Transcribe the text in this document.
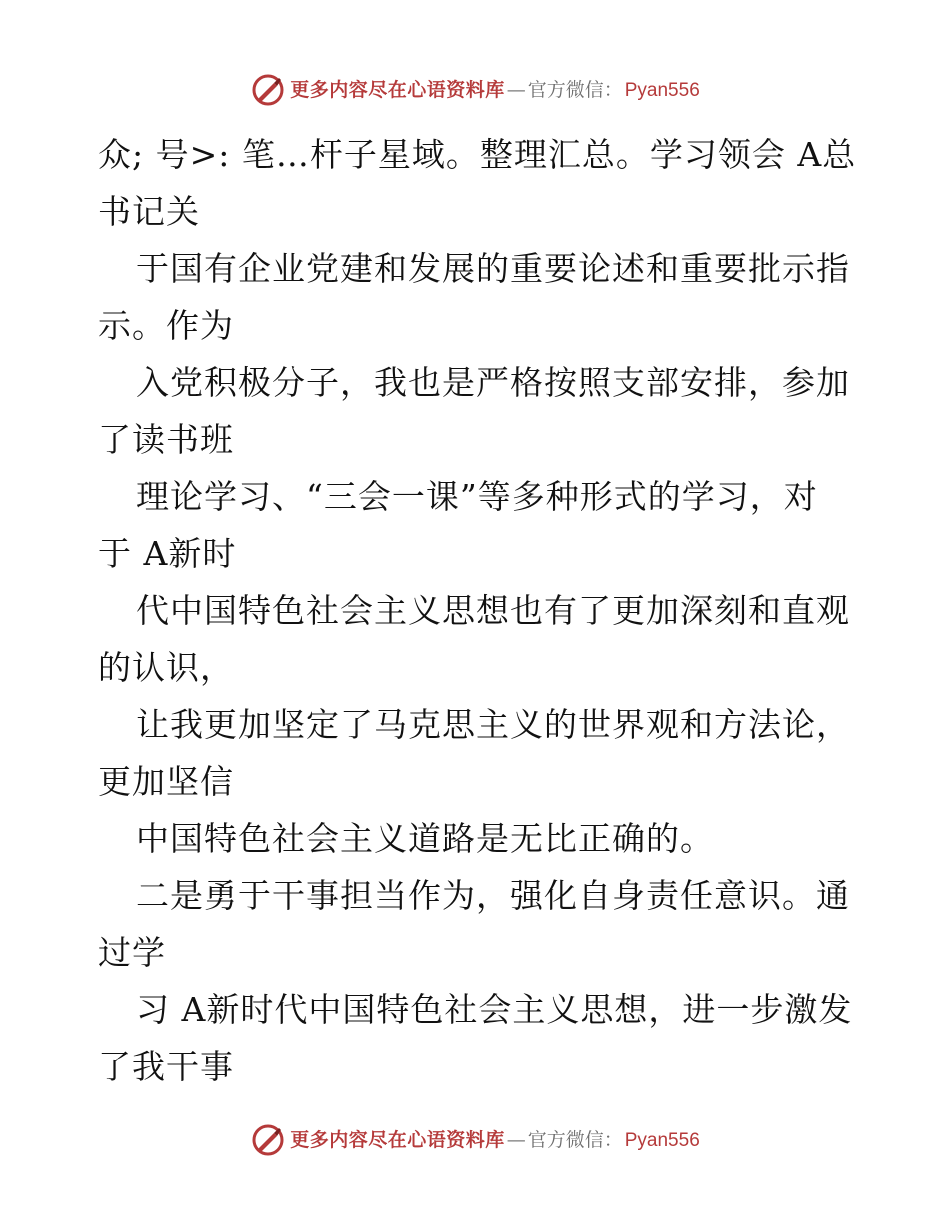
更多内容尽在心语资料库 — 官方微信： Pyan556
众; 号>: 笔…杆子星域。整理汇总。学习领会 A总
书记关
于国有企业党建和发展的重要论述和重要批示指
示。作为
入党积极分子，我也是严格按照支部安排，参加
了读书班
理论学习、“三会一课”等多种形式的学习，对
于 A新时
代中国特色社会主义思想也有了更加深刻和直观
的认识，
让我更加坚定了马克思主义的世界观和方法论，
更加坚信
中国特色社会主义道路是无比正确的。
二是勇于干事担当作为，强化自身责任意识。通
过学
习 A新时代中国特色社会主义思想，进一步激发
了我干事
更多内容尽在心语资料库 — 官方微信： Pyan556
